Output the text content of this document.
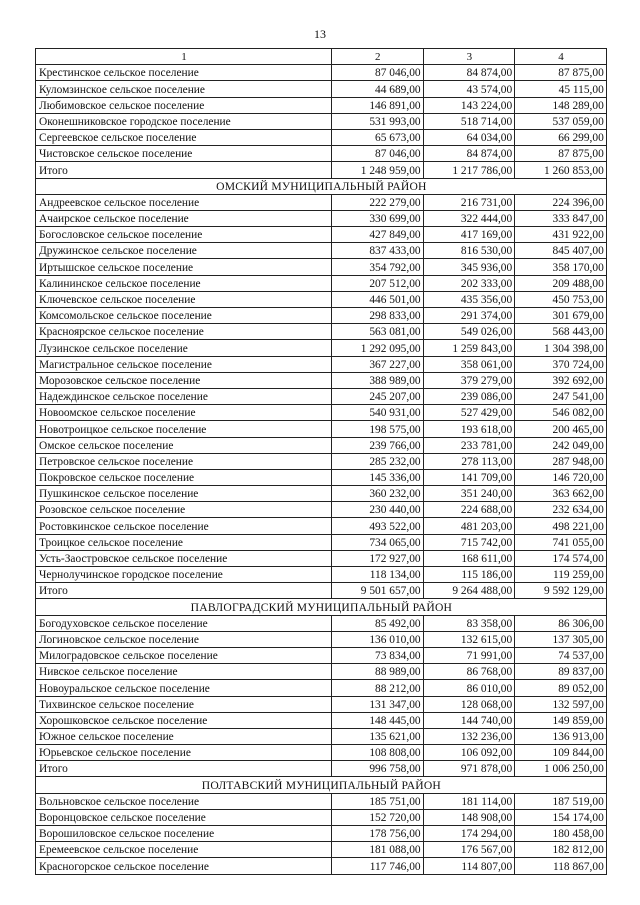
13
1	2	3	4
Крестинское сельское поселение	87 046,00	84 874,00	87 875,00
Куломзинское сельское поселение	44 689,00	43 574,00	45 115,00
Любимовское сельское поселение	146 891,00	143 224,00	148 289,00
Оконешниковское городское поселение	531 993,00	518 714,00	537 059,00
Сергеевское сельское поселение	65 673,00	64 034,00	66 299,00
Чистовское сельское поселение	87 046,00	84 874,00	87 875,00
Итого	1 248 959,00	1 217 786,00	1 260 853,00
ОМСКИЙ МУНИЦИПАЛЬНЫЙ РАЙОН			
Андреевское сельское поселение	222 279,00	216 731,00	224 396,00
Ачаирское сельское поселение	330 699,00	322 444,00	333 847,00
Богословское сельское поселение	427 849,00	417 169,00	431 922,00
Дружинское сельское поселение	837 433,00	816 530,00	845 407,00
Иртышское сельское поселение	354 792,00	345 936,00	358 170,00
Калининское сельское поселение	207 512,00	202 333,00	209 488,00
Ключевское сельское поселение	446 501,00	435 356,00	450 753,00
Комсомольское сельское поселение	298 833,00	291 374,00	301 679,00
Красноярское сельское поселение	563 081,00	549 026,00	568 443,00
Лузинское сельское поселение	1 292 095,00	1 259 843,00	1 304 398,00
Магистральное сельское поселение	367 227,00	358 061,00	370 724,00
Морозовское сельское поселение	388 989,00	379 279,00	392 692,00
Надеждинское сельское поселение	245 207,00	239 086,00	247 541,00
Новоомское сельское поселение	540 931,00	527 429,00	546 082,00
Новотроицкое сельское поселение	198 575,00	193 618,00	200 465,00
Омское сельское поселение	239 766,00	233 781,00	242 049,00
Петровское сельское поселение	285 232,00	278 113,00	287 948,00
Покровское сельское поселение	145 336,00	141 709,00	146 720,00
Пушкинское сельское поселение	360 232,00	351 240,00	363 662,00
Розовское сельское поселение	230 440,00	224 688,00	232 634,00
Ростовкинское сельское поселение	493 522,00	481 203,00	498 221,00
Троицкое сельское поселение	734 065,00	715 742,00	741 055,00
Усть-Заостровское сельское поселение	172 927,00	168 611,00	174 574,00
Чернолучинское городское поселение	118 134,00	115 186,00	119 259,00
Итого	9 501 657,00	9 264 488,00	9 592 129,00
ПАВЛОГРАДСКИЙ МУНИЦИПАЛЬНЫЙ РАЙОН			
Богодуховское сельское поселение	85 492,00	83 358,00	86 306,00
Логиновское сельское поселение	136 010,00	132 615,00	137 305,00
Милоградовское сельское поселение	73 834,00	71 991,00	74 537,00
Нивское сельское поселение	88 989,00	86 768,00	89 837,00
Новоуральское сельское поселение	88 212,00	86 010,00	89 052,00
Тихвинское сельское поселение	131 347,00	128 068,00	132 597,00
Хорошковское сельское поселение	148 445,00	144 740,00	149 859,00
Южное сельское поселение	135 621,00	132 236,00	136 913,00
Юрьевское сельское поселение	108 808,00	106 092,00	109 844,00
Итого	996 758,00	971 878,00	1 006 250,00
ПОЛТАВСКИЙ МУНИЦИПАЛЬНЫЙ РАЙОН			
Вольновское сельское поселение	185 751,00	181 114,00	187 519,00
Воронцовское сельское поселение	152 720,00	148 908,00	154 174,00
Ворошиловское сельское поселение	178 756,00	174 294,00	180 458,00
Еремеевское сельское поселение	181 088,00	176 567,00	182 812,00
Красногорское сельское поселение	117 746,00	114 807,00	118 867,00
